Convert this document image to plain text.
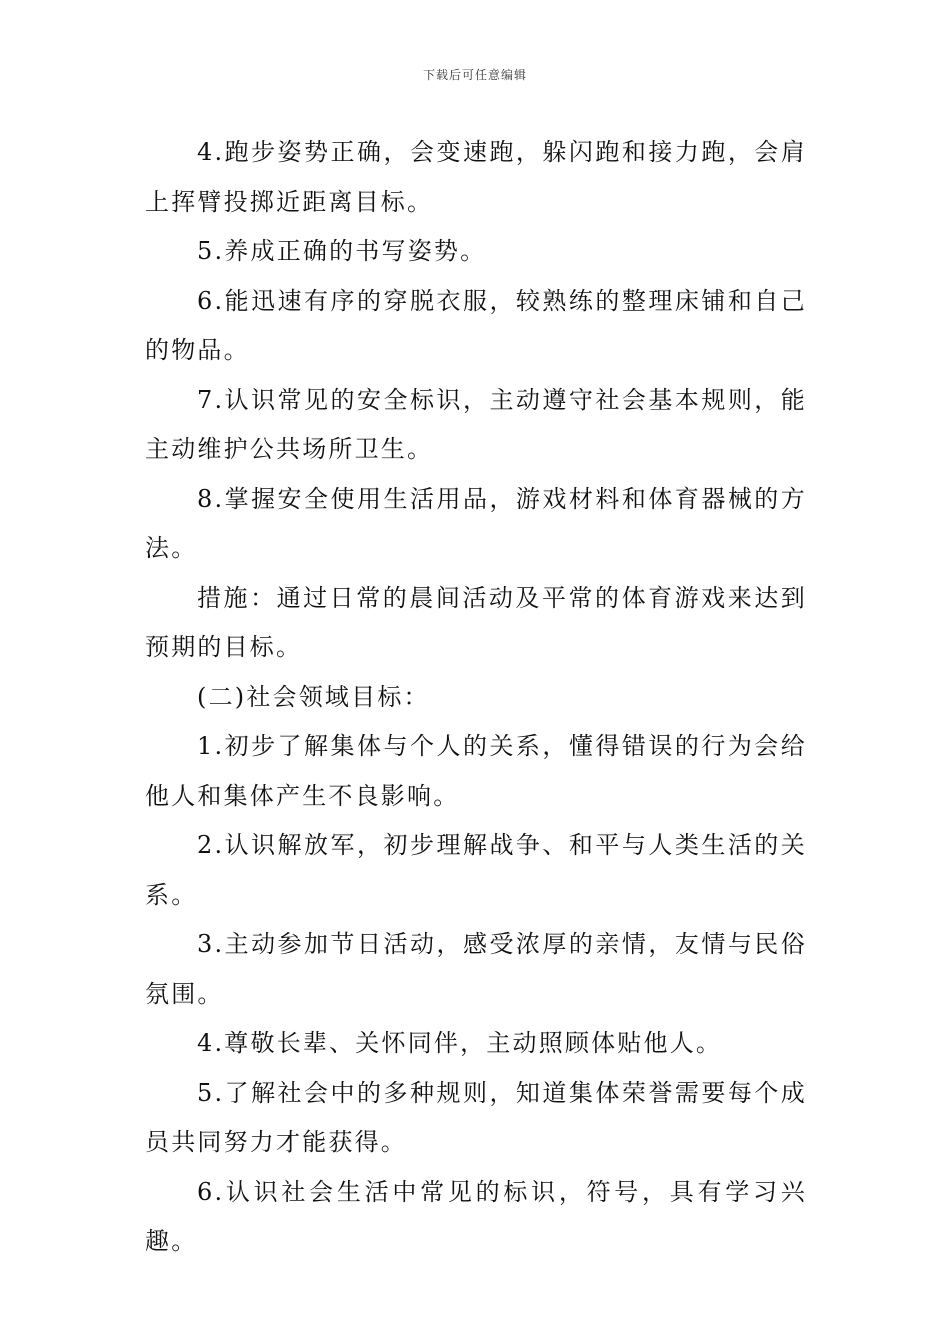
下载后可任意编辑

4.跑步姿势正确，会变速跑，躲闪跑和接力跑，会肩上挥臂投掷近距离目标。

5.养成正确的书写姿势。

6.能迅速有序的穿脱衣服，较熟练的整理床铺和自己的物品。

7.认识常见的安全标识，主动遵守社会基本规则，能主动维护公共场所卫生。

8.掌握安全使用生活用品，游戏材料和体育器械的方法。

措施：通过日常的晨间活动及平常的体育游戏来达到预期的目标。

(二)社会领域目标：

1.初步了解集体与个人的关系，懂得错误的行为会给他人和集体产生不良影响。

2.认识解放军，初步理解战争、和平与人类生活的关系。

3.主动参加节日活动，感受浓厚的亲情，友情与民俗氛围。

4.尊敬长辈、关怀同伴，主动照顾体贴他人。

5.了解社会中的多种规则，知道集体荣誉需要每个成员共同努力才能获得。

6.认识社会生活中常见的标识，符号，具有学习兴趣。
